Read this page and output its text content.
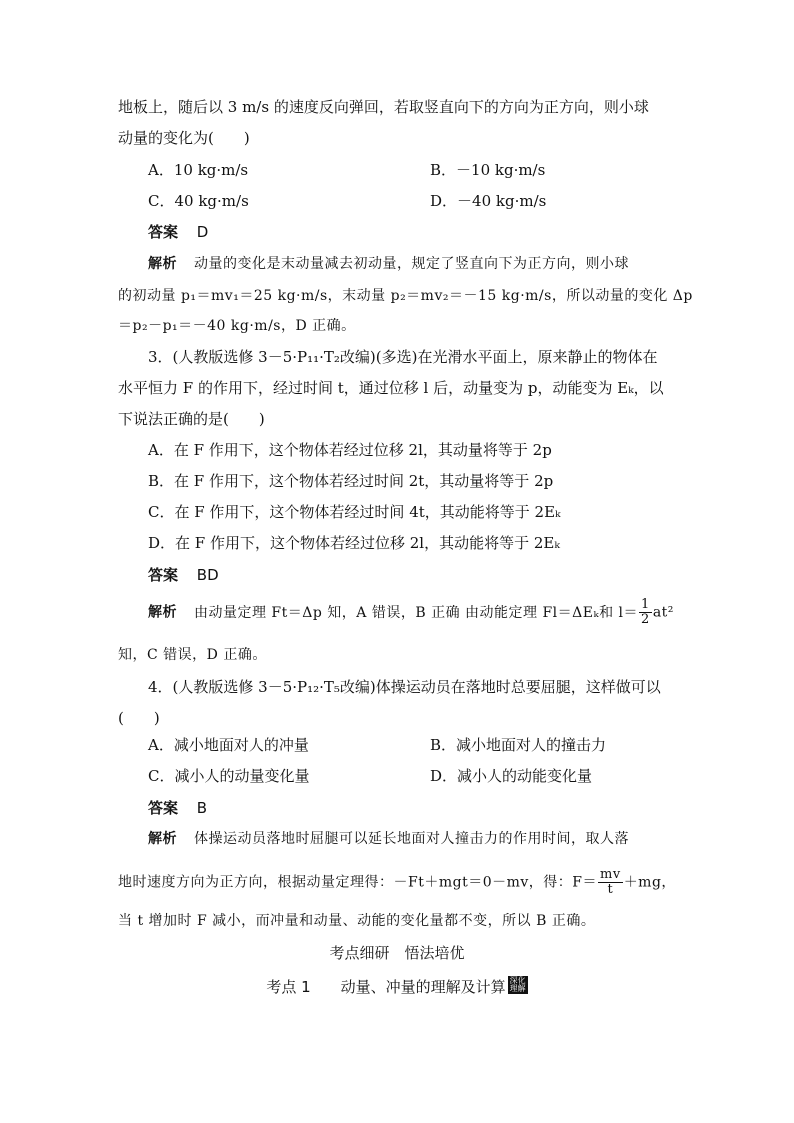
地板上，随后以 3 m/s 的速度反向弹回，若取竖直向下的方向为正方向，则小球
动量的变化为(　　)
A．10 kg·m/s	B．－10 kg·m/s
C．40 kg·m/s	D．－40 kg·m/s
答案 D
解析 动量的变化是末动量减去初动量，规定了竖直向下为正方向，则小球
的初动量 p₁＝mv₁＝25 kg·m/s，末动量 p₂＝mv₂＝－15 kg·m/s，所以动量的变化 Δp
＝p₂－p₁＝－40 kg·m/s，D 正确。
3．(人教版选修 3－5·P₁₁·T₂改编)(多选)在光滑水平面上，原来静止的物体在
水平恒力 F 的作用下，经过时间 t，通过位移 l 后，动量变为 p，动能变为 Eₖ，以
下说法正确的是(　　)
A．在 F 作用下，这个物体若经过位移 2l，其动量将等于 2p
B．在 F 作用下，这个物体若经过时间 2t，其动量将等于 2p
C．在 F 作用下，这个物体若经过时间 4t，其动能将等于 2Eₖ
D．在 F 作用下，这个物体若经过位移 2l，其动能将等于 2Eₖ
答案 BD
解析 由动量定理 Ft＝Δp 知，A 错误，B 正确 由动能定理 Fl＝ΔEₖ和 $l= \frac{1}{2} at^2$
知，C 错误，D 正确。
4．(人教版选修 3－5·P₁₂·T₅改编)体操运动员在落地时总要屈腿，这样做可以
(　　)
A．减小地面对人的冲量	B．减小地面对人的撞击力
C．减小人的动量变化量	D．减小人的动能变化量
答案 B
解析 体操运动员落地时屈腿可以延长地面对人撞击力的作用时间，取人落
地时速度方向为正方向，根据动量定理得：－Ft＋mgt＝0－mv，得：$F= \frac{mv}{t} +mg$，
当 t 增加时 F 减小，而冲量和动量、动能的变化量都不变，所以 B 正确。
考点细研　悟法培优
考点 1　　动量、冲量的理解及计算 深化
理解
